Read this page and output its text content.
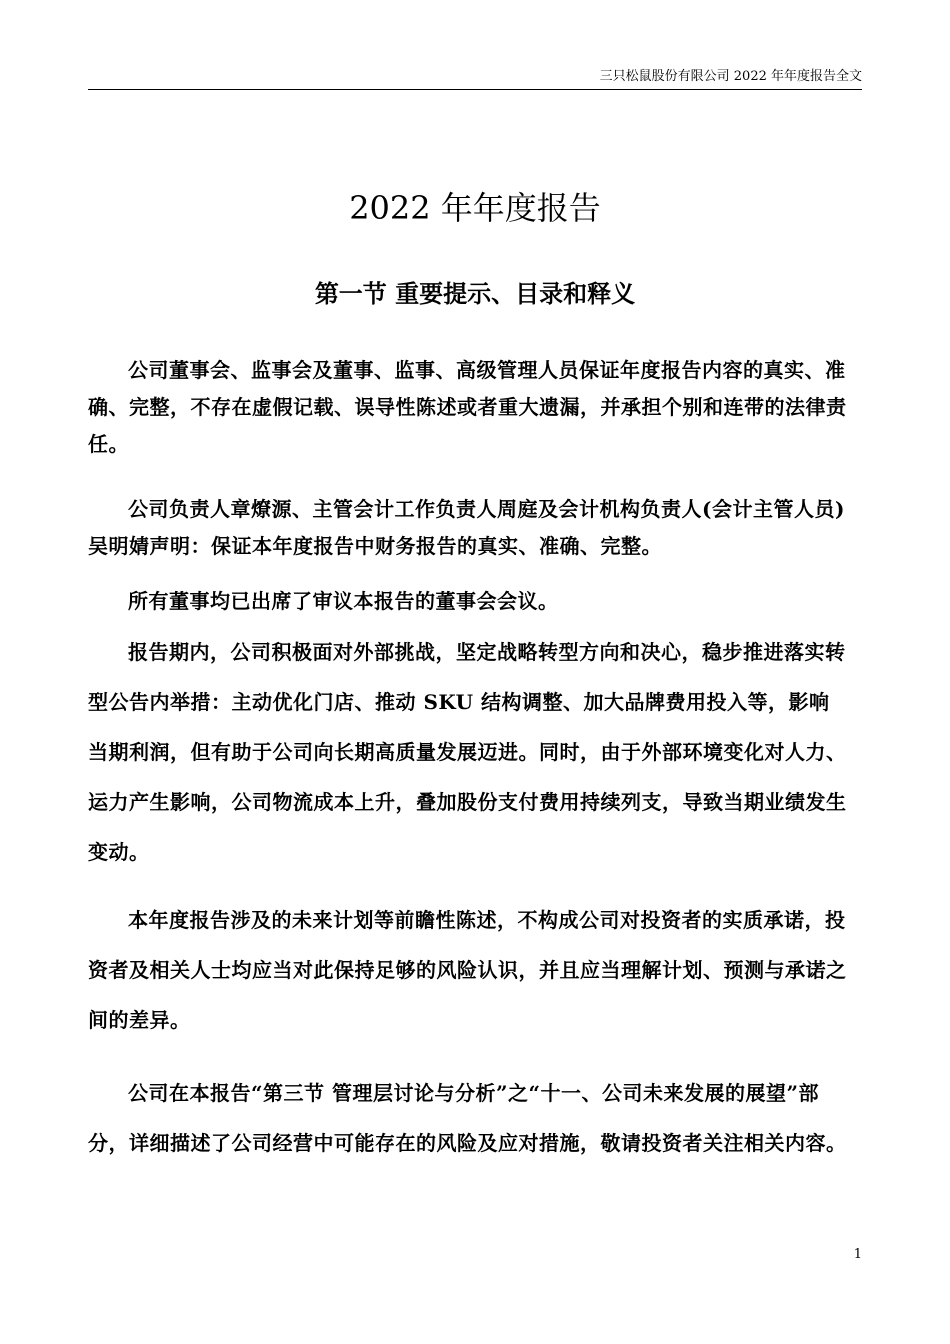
三只松鼠股份有限公司 2022 年年度报告全文
2022 年年度报告
第一节 重要提示、目录和释义

公司董事会、监事会及董事、监事、高级管理人员保证年度报告内容的真实、准确、完整，不存在虚假记载、误导性陈述或者重大遗漏，并承担个别和连带的法律责任。

公司负责人章燎源、主管会计工作负责人周庭及会计机构负责人(会计主管人员)吴明婧声明：保证本年度报告中财务报告的真实、准确、完整。

所有董事均已出席了审议本报告的董事会会议。

报告期内，公司积极面对外部挑战，坚定战略转型方向和决心，稳步推进落实转型公告内举措：主动优化门店、推动 SKU 结构调整、加大品牌费用投入等，影响当期利润，但有助于公司向长期高质量发展迈进。同时，由于外部环境变化对人力、运力产生影响，公司物流成本上升，叠加股份支付费用持续列支，导致当期业绩发生变动。

本年度报告涉及的未来计划等前瞻性陈述，不构成公司对投资者的实质承诺，投资者及相关人士均应当对此保持足够的风险认识，并且应当理解计划、预测与承诺之间的差异。

公司在本报告“第三节 管理层讨论与分析”之“十一、公司未来发展的展望”部分，详细描述了公司经营中可能存在的风险及应对措施，敬请投资者关注相关内容。

1
